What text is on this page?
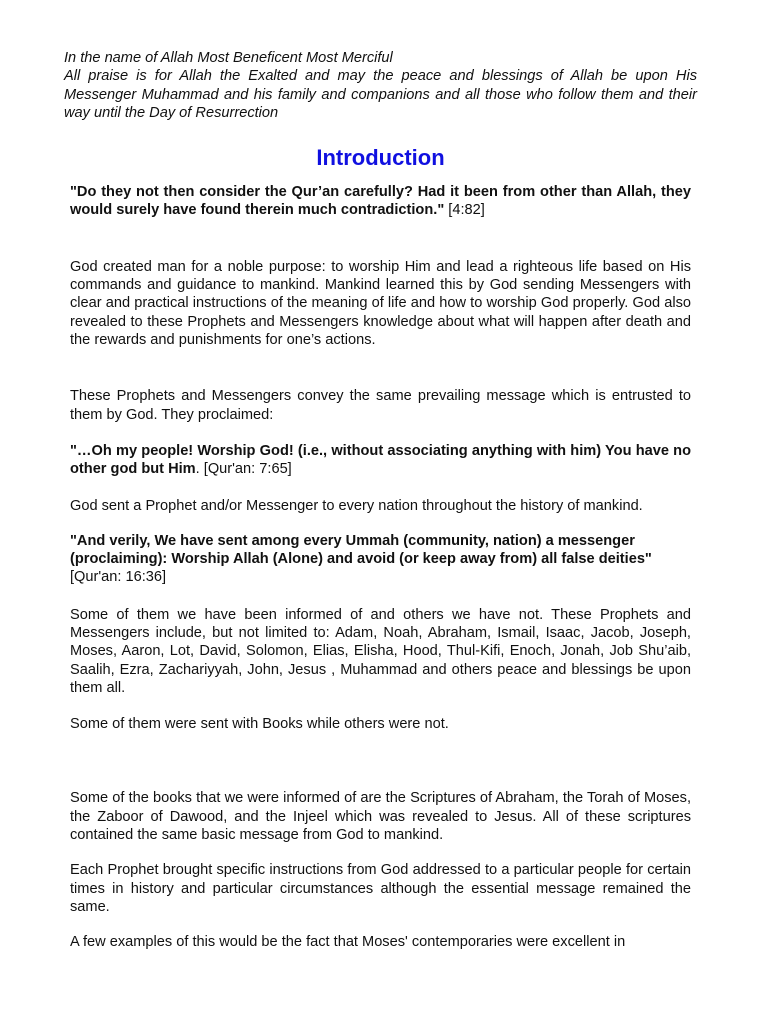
In the name of Allah Most Beneficent Most Merciful

All praise is for Allah the Exalted and may the peace and blessings of Allah be upon His Messenger Muhammad and his family and companions and all those who follow them and their way until the Day of Resurrection

Introduction

"Do they not then consider the Qur’an carefully? Had it been from other than Allah, they would surely have found therein much contradiction." [4:82]

God created man for a noble purpose: to worship Him and lead a righteous life based on His commands and guidance to mankind. Mankind learned this by God sending Messengers with clear and practical instructions of the meaning of life and how to worship God properly. God also revealed to these Prophets and Messengers knowledge about what will happen after death and the rewards and punishments for one’s actions.

These Prophets and Messengers convey the same prevailing message which is entrusted to them by God. They proclaimed:

"…Oh my people! Worship God! (i.e., without associating anything with him) You have no other god but Him. [Qur'an: 7:65]

God sent a Prophet and/or Messenger to every nation throughout the history of mankind.

"And verily, We have sent among every Ummah (community, nation) a messenger (proclaiming): Worship Allah (Alone) and avoid (or keep away from) all false deities"

[Qur'an: 16:36]

Some of them we have been informed of and others we have not. These Prophets and Messengers include, but not limited to: Adam, Noah, Abraham, Ismail, Isaac, Jacob, Joseph, Moses, Aaron, Lot, David, Solomon, Elias, Elisha, Hood, Thul-Kifi, Enoch, Jonah, Job Shu’aib, Saalih, Ezra, Zachariyyah, John, Jesus , Muhammad and others peace and blessings be upon them all.

Some of them were sent with Books while others were not.

Some of the books that we were informed of are the Scriptures of Abraham, the Torah of Moses, the Zaboor of Dawood, and the Injeel which was revealed to Jesus. All of these scriptures contained the same basic message from God to mankind.

Each Prophet brought specific instructions from God addressed to a particular people for certain times in history and particular circumstances although the essential message remained the same.

A few examples of this would be the fact that Moses' contemporaries were excellent in
